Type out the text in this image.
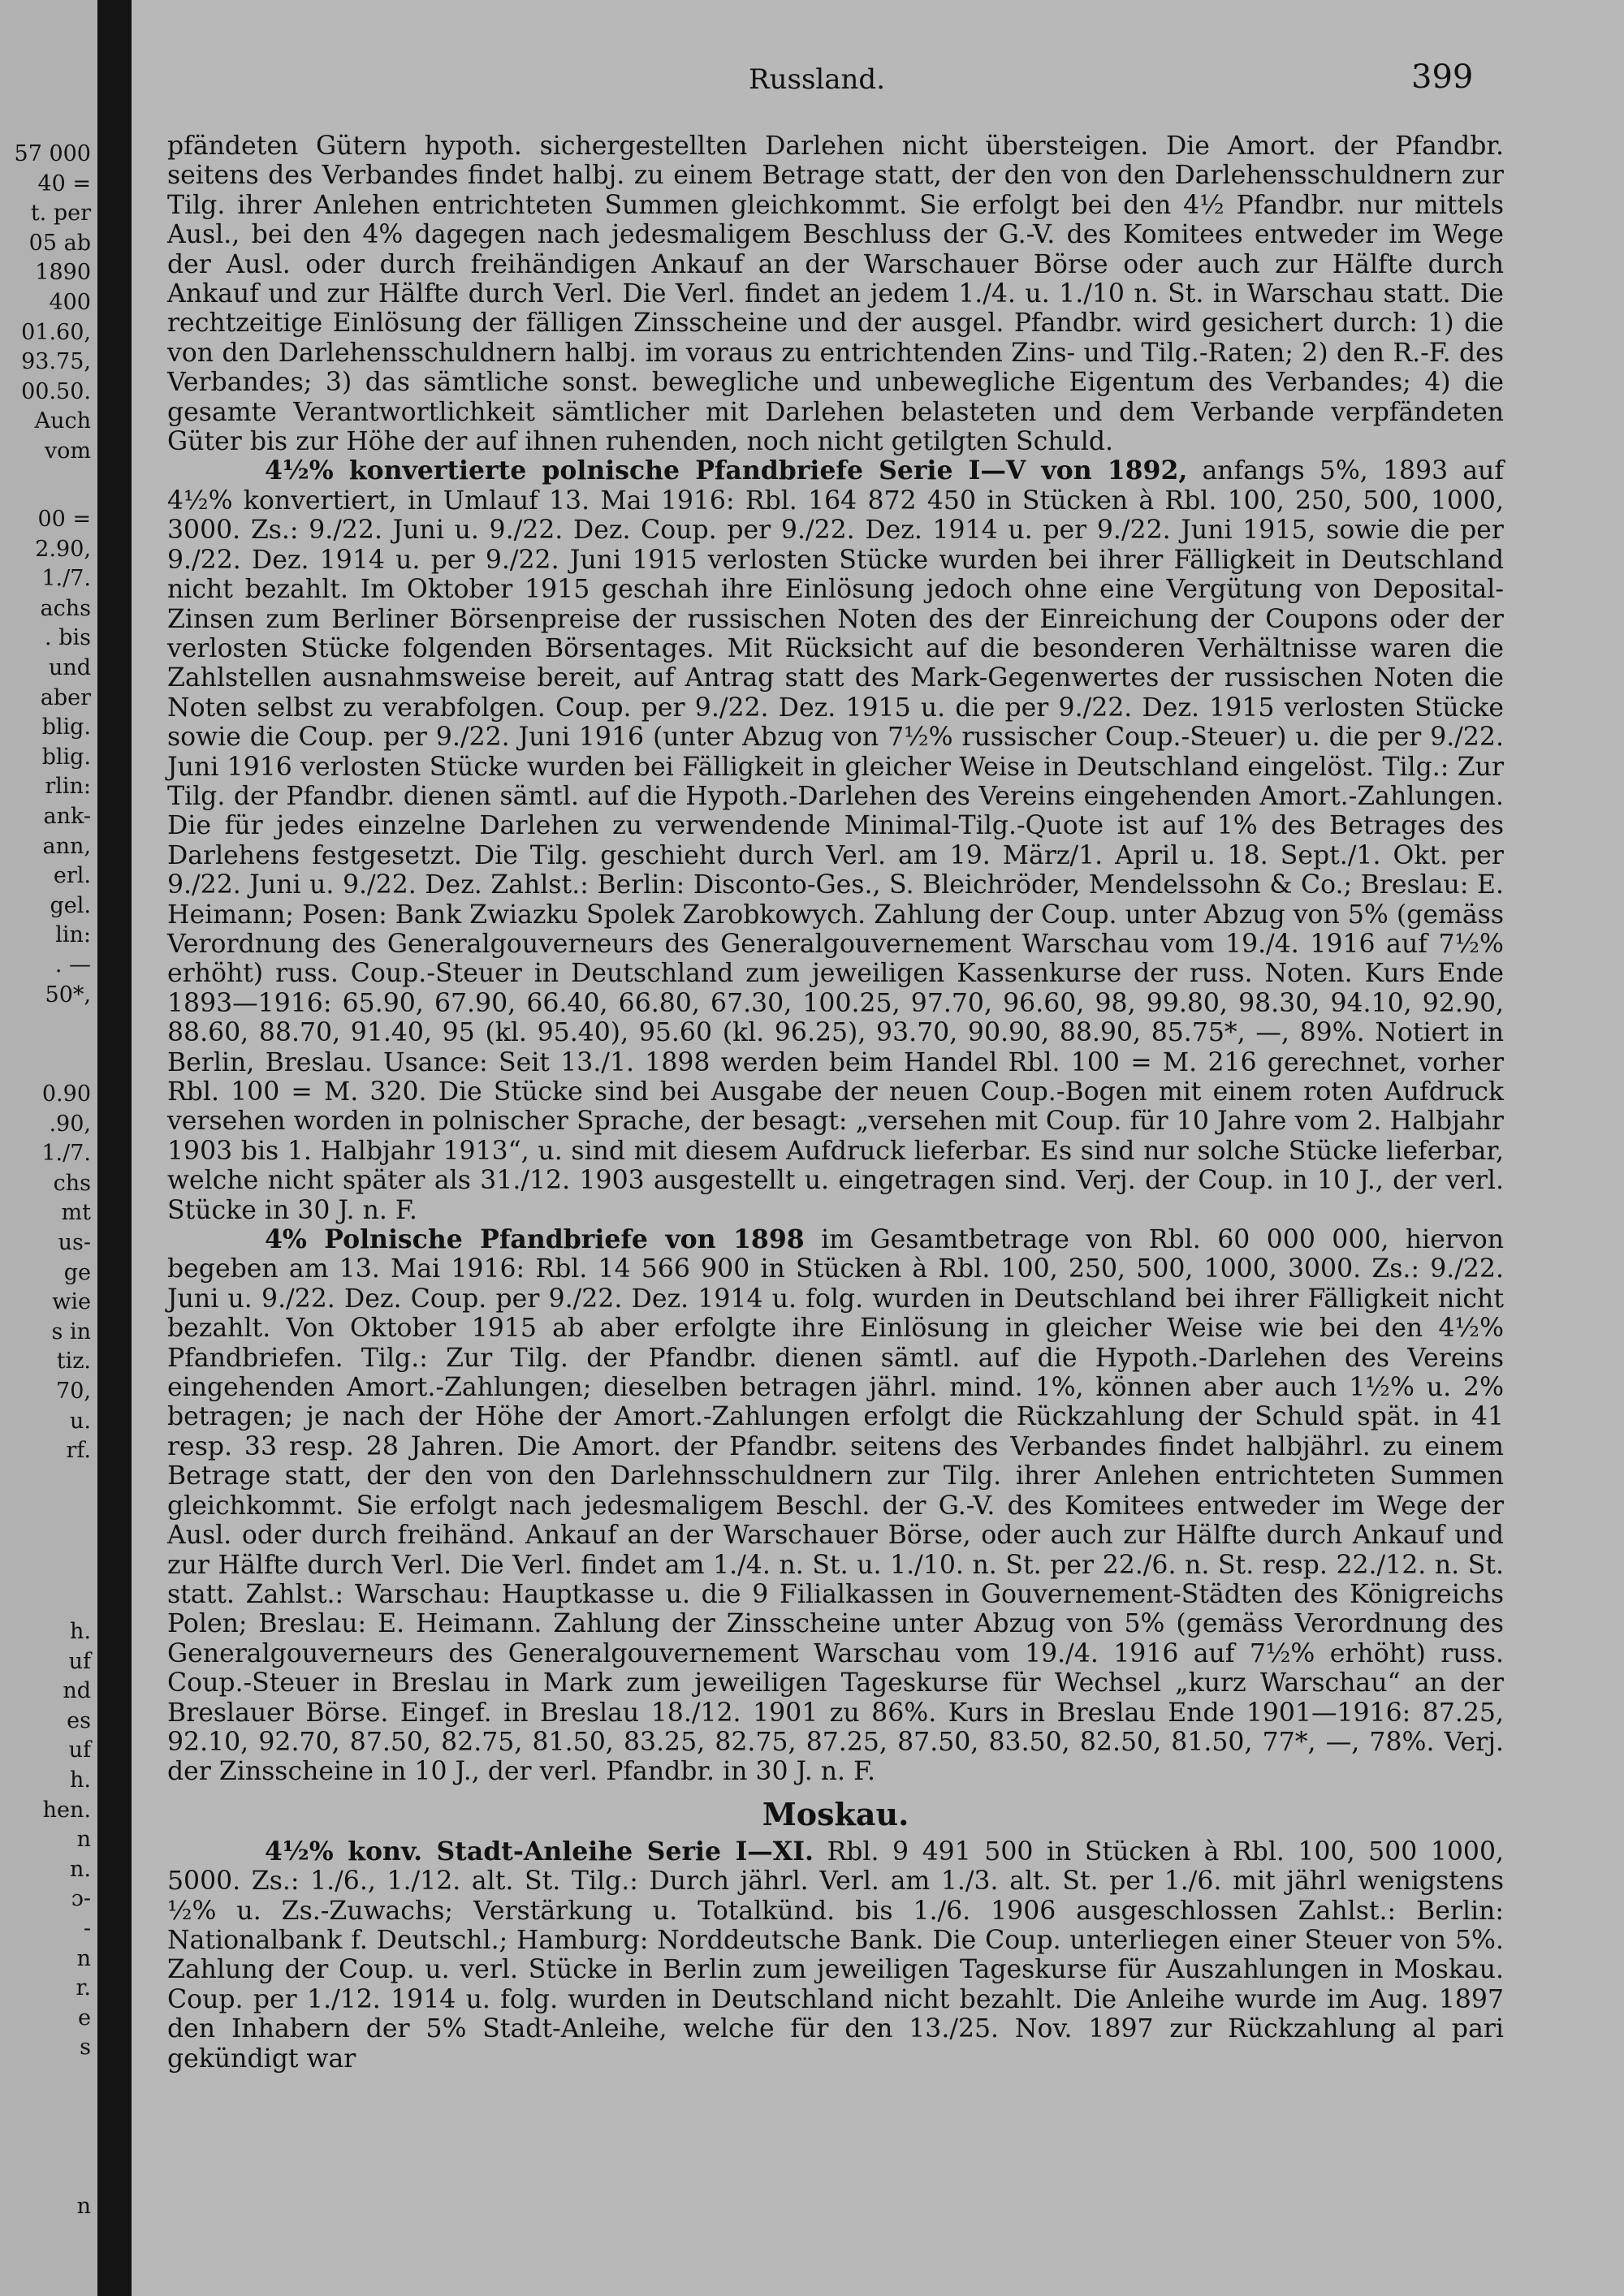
57 000
40 =
t. per
05 ab
1890
400
01.60,
93.75,
00.50.
Auch
vom
00 =
2.90,
1./7.
achs
. bis
und
aber
blig.
blig.
rlin:
ank-
ann,
erl.
gel.
lin:
. —
50*,
0.90
.90,
1./7.
chs
mt
us-
ge
wie
s in
tiz.
70,
u.
rf.
h.
uf
nd
es
uf
h.
hen.
n
n.
ɔ-
-
n
r.
e
s
n
Russland.	399

pfändeten Gütern hypoth. sichergestellten Darlehen nicht übersteigen. Die Amort. der Pfandbr. seitens des Verbandes findet halbj. zu einem Betrage statt, der den von den Darlehensschuldnern zur Tilg. ihrer Anlehen entrichteten Summen gleichkommt. Sie erfolgt bei den 4½ Pfandbr. nur mittels Ausl., bei den 4% dagegen nach jedesmaligem Beschluss der G.-V. des Komitees entweder im Wege der Ausl. oder durch freihändigen Ankauf an der Warschauer Börse oder auch zur Hälfte durch Ankauf und zur Hälfte durch Verl. Die Verl. findet an jedem 1./4. u. 1./10 n. St. in Warschau statt. Die rechtzeitige Einlösung der fälligen Zinsscheine und der ausgel. Pfandbr. wird gesichert durch: 1) die von den Darlehensschuldnern halbj. im voraus zu entrichtenden Zins- und Tilg.-Raten; 2) den R.-F. des Verbandes; 3) das sämtliche sonst. bewegliche und unbewegliche Eigentum des Verbandes; 4) die gesamte Verantwortlichkeit sämtlicher mit Darlehen belasteten und dem Verbande verpfändeten Güter bis zur Höhe der auf ihnen ruhenden, noch nicht getilgten Schuld.

4½% konvertierte polnische Pfandbriefe Serie I—V von 1892, anfangs 5%, 1893 auf 4½% konvertiert, in Umlauf 13. Mai 1916: Rbl. 164 872 450 in Stücken à Rbl. 100, 250, 500, 1000, 3000. Zs.: 9./22. Juni u. 9./22. Dez. Coup. per 9./22. Dez. 1914 u. per 9./22. Juni 1915, sowie die per 9./22. Dez. 1914 u. per 9./22. Juni 1915 verlosten Stücke wurden bei ihrer Fälligkeit in Deutschland nicht bezahlt. Im Oktober 1915 geschah ihre Einlösung jedoch ohne eine Vergütung von Deposital-Zinsen zum Berliner Börsenpreise der russischen Noten des der Einreichung der Coupons oder der verlosten Stücke folgenden Börsentages. Mit Rücksicht auf die besonderen Verhältnisse waren die Zahlstellen ausnahmsweise bereit, auf Antrag statt des Mark-Gegenwertes der russischen Noten die Noten selbst zu verabfolgen. Coup. per 9./22. Dez. 1915 u. die per 9./22. Dez. 1915 verlosten Stücke sowie die Coup. per 9./22. Juni 1916 (unter Abzug von 7½% russischer Coup.-Steuer) u. die per 9./22. Juni 1916 verlosten Stücke wurden bei Fälligkeit in gleicher Weise in Deutschland eingelöst. Tilg.: Zur Tilg. der Pfandbr. dienen sämtl. auf die Hypoth.-Darlehen des Vereins eingehenden Amort.-Zahlungen. Die für jedes einzelne Darlehen zu verwendende Minimal-Tilg.-Quote ist auf 1% des Betrages des Darlehens festgesetzt. Die Tilg. geschieht durch Verl. am 19. März/1. April u. 18. Sept./1. Okt. per 9./22. Juni u. 9./22. Dez. Zahlst.: Berlin: Disconto-Ges., S. Bleichröder, Mendelssohn & Co.; Breslau: E. Heimann; Posen: Bank Zwiazku Spolek Zarobkowych. Zahlung der Coup. unter Abzug von 5% (gemäss Verordnung des Generalgouverneurs des Generalgouvernement Warschau vom 19./4. 1916 auf 7½% erhöht) russ. Coup.-Steuer in Deutschland zum jeweiligen Kassenkurse der russ. Noten. Kurs Ende 1893—1916: 65.90, 67.90, 66.40, 66.80, 67.30, 100.25, 97.70, 96.60, 98, 99.80, 98.30, 94.10, 92.90, 88.60, 88.70, 91.40, 95 (kl. 95.40), 95.60 (kl. 96.25), 93.70, 90.90, 88.90, 85.75*, —, 89%. Notiert in Berlin, Breslau. Usance: Seit 13./1. 1898 werden beim Handel Rbl. 100 = M. 216 gerechnet, vorher Rbl. 100 = M. 320. Die Stücke sind bei Ausgabe der neuen Coup.-Bogen mit einem roten Aufdruck versehen worden in polnischer Sprache, der besagt: „versehen mit Coup. für 10 Jahre vom 2. Halbjahr 1903 bis 1. Halbjahr 1913“, u. sind mit diesem Aufdruck lieferbar. Es sind nur solche Stücke lieferbar, welche nicht später als 31./12. 1903 ausgestellt u. eingetragen sind. Verj. der Coup. in 10 J., der verl. Stücke in 30 J. n. F.

4% Polnische Pfandbriefe von 1898 im Gesamtbetrage von Rbl. 60 000 000, hiervon begeben am 13. Mai 1916: Rbl. 14 566 900 in Stücken à Rbl. 100, 250, 500, 1000, 3000. Zs.: 9./22. Juni u. 9./22. Dez. Coup. per 9./22. Dez. 1914 u. folg. wurden in Deutschland bei ihrer Fälligkeit nicht bezahlt. Von Oktober 1915 ab aber erfolgte ihre Einlösung in gleicher Weise wie bei den 4½% Pfandbriefen. Tilg.: Zur Tilg. der Pfandbr. dienen sämtl. auf die Hypoth.-Darlehen des Vereins eingehenden Amort.-Zahlungen; dieselben betragen jährl. mind. 1%, können aber auch 1½% u. 2% betragen; je nach der Höhe der Amort.-Zahlungen erfolgt die Rückzahlung der Schuld spät. in 41 resp. 33 resp. 28 Jahren. Die Amort. der Pfandbr. seitens des Verbandes findet halbjährl. zu einem Betrage statt, der den von den Darlehnsschuldnern zur Tilg. ihrer Anlehen entrichteten Summen gleichkommt. Sie erfolgt nach jedesmaligem Beschl. der G.-V. des Komitees entweder im Wege der Ausl. oder durch freihänd. Ankauf an der Warschauer Börse, oder auch zur Hälfte durch Ankauf und zur Hälfte durch Verl. Die Verl. findet am 1./4. n. St. u. 1./10. n. St. per 22./6. n. St. resp. 22./12. n. St. statt. Zahlst.: Warschau: Hauptkasse u. die 9 Filialkassen in Gouvernement-Städten des Königreichs Polen; Breslau: E. Heimann. Zahlung der Zinsscheine unter Abzug von 5% (gemäss Verordnung des Generalgouverneurs des Generalgouvernement Warschau vom 19./4. 1916 auf 7½% erhöht) russ. Coup.-Steuer in Breslau in Mark zum jeweiligen Tageskurse für Wechsel „kurz Warschau“ an der Breslauer Börse. Eingef. in Breslau 18./12. 1901 zu 86%. Kurs in Breslau Ende 1901—1916: 87.25, 92.10, 92.70, 87.50, 82.75, 81.50, 83.25, 82.75, 87.25, 87.50, 83.50, 82.50, 81.50, 77*, —, 78%. Verj. der Zinsscheine in 10 J., der verl. Pfandbr. in 30 J. n. F.

Moskau.

4½% konv. Stadt-Anleihe Serie I—XI. Rbl. 9 491 500 in Stücken à Rbl. 100, 500 1000, 5000. Zs.: 1./6., 1./12. alt. St. Tilg.: Durch jährl. Verl. am 1./3. alt. St. per 1./6. mit jährl wenigstens ½% u. Zs.-Zuwachs; Verstärkung u. Totalkünd. bis 1./6. 1906 ausgeschlossen Zahlst.: Berlin: Nationalbank f. Deutschl.; Hamburg: Norddeutsche Bank. Die Coup. unterliegen einer Steuer von 5%. Zahlung der Coup. u. verl. Stücke in Berlin zum jeweiligen Tageskurse für Auszahlungen in Moskau. Coup. per 1./12. 1914 u. folg. wurden in Deutschland nicht bezahlt. Die Anleihe wurde im Aug. 1897 den Inhabern der 5% Stadt-Anleihe, welche für den 13./25. Nov. 1897 zur Rückzahlung al pari gekündigt war
